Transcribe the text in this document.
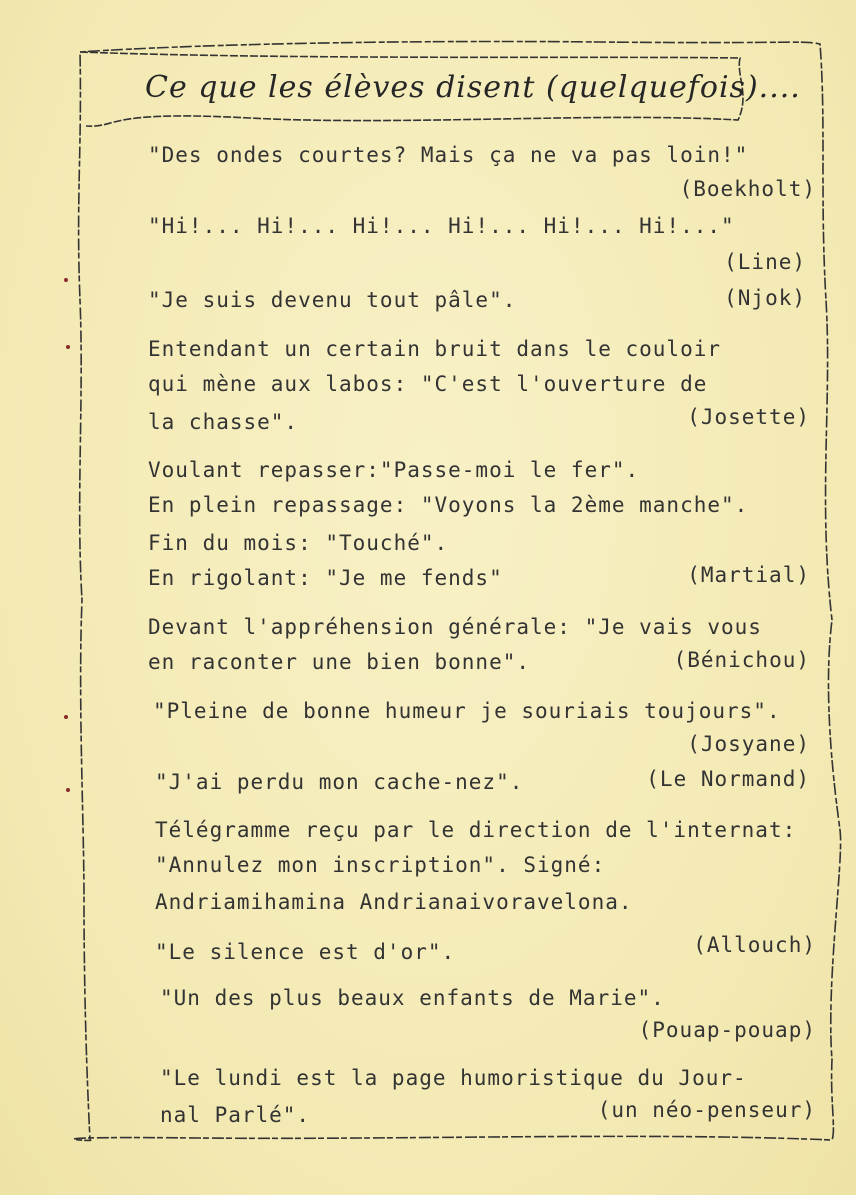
Ce que les élèves disent (quelquefois)....
"Des ondes courtes? Mais ça ne va pas loin!"
(Boekholt)
"Hi!... Hi!... Hi!... Hi!... Hi!... Hi!..."
(Line)
"Je suis devenu tout pâle".	(Njok)
Entendant un certain bruit dans le couloir
qui mène aux labos: "C'est l'ouverture de
la chasse".	(Josette)
Voulant repasser:"Passe-moi le fer".
En plein repassage: "Voyons la 2ème manche".
Fin du mois: "Touché".
En rigolant: "Je me fends"	(Martial)
Devant l'appréhension générale: "Je vais vous
en raconter une bien bonne".	(Bénichou)
"Pleine de bonne humeur je souriais toujours".
(Josyane)
"J'ai perdu mon cache-nez".	(Le Normand)
Télégramme reçu par le direction de l'internat:
"Annulez mon inscription". Signé:
Andriamihamina Andrianaivoravelona.
"Le silence est d'or".	(Allouch)
"Un des plus beaux enfants de Marie".
(Pouap-pouap)
"Le lundi est la page humoristique du Jour-
nal Parlé".	(un néo-penseur)
